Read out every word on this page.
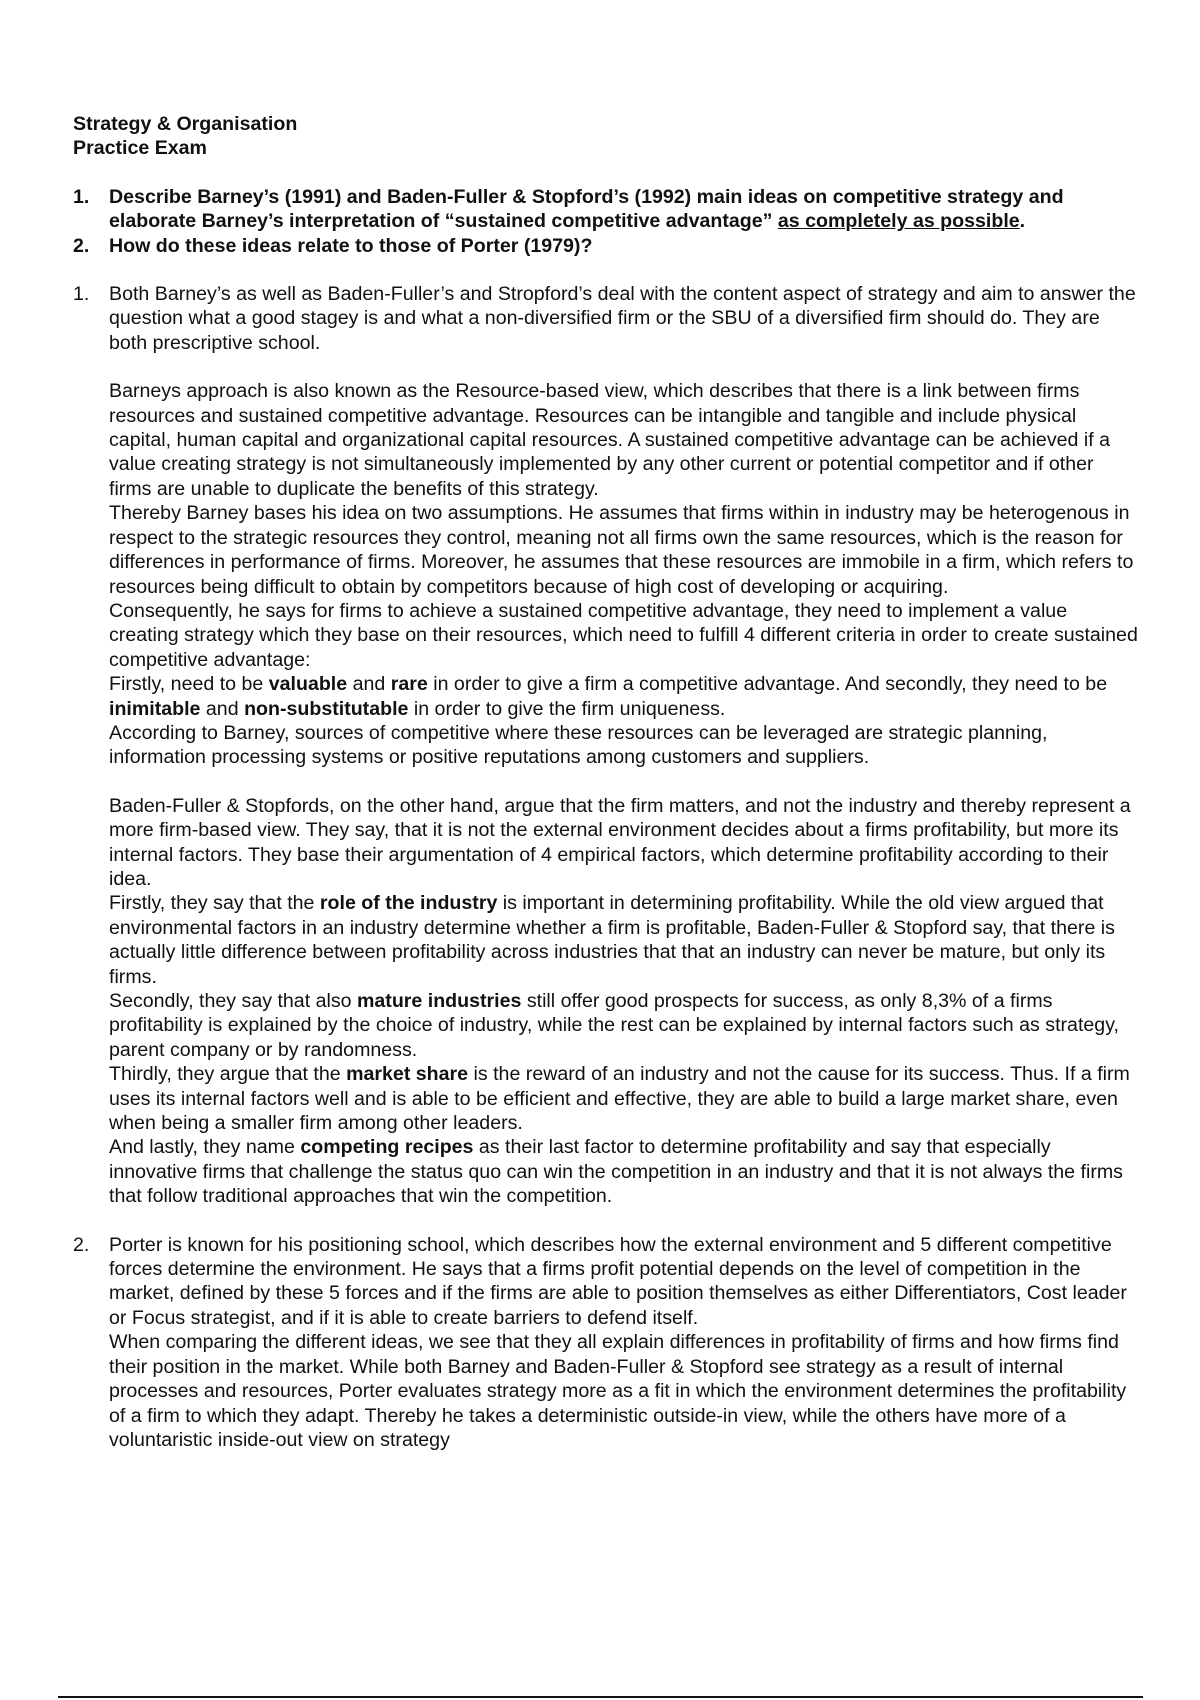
Strategy & Organisation
Practice Exam
1.	Describe Barney’s (1991) and Baden-Fuller & Stopford’s (1992) main ideas on competitive strategy and elaborate Barney’s interpretation of “sustained competitive advantage” as completely as possible.
2.	How do these ideas relate to those of Porter (1979)?
1.	Both Barney’s as well as Baden-Fuller’s and Stropford’s deal with the content aspect of strategy and aim to answer the question what a good stagey is and what a non-diversified firm or the SBU of a diversified firm should do. They are both prescriptive school.

Barneys approach is also known as the Resource-based view, which describes that there is a link between firms resources and sustained competitive advantage. Resources can be intangible and tangible and include physical capital, human capital and organizational capital resources. A sustained competitive advantage can be achieved if a value creating strategy is not simultaneously implemented by any other current or potential competitor and if other firms are unable to duplicate the benefits of this strategy.

Thereby Barney bases his idea on two assumptions. He assumes that firms within in industry may be heterogenous in respect to the strategic resources they control, meaning not all firms own the same resources, which is the reason for differences in performance of firms. Moreover, he assumes that these resources are immobile in a firm, which refers to resources being difficult to obtain by competitors because of high cost of developing or acquiring.

Consequently, he says for firms to achieve a sustained competitive advantage, they need to implement a value creating strategy which they base on their resources, which need to fulfill 4 different criteria in order to create sustained competitive advantage:

Firstly, need to be valuable and rare in order to give a firm a competitive advantage. And secondly, they need to be inimitable and non-substitutable in order to give the firm uniqueness.

According to Barney, sources of competitive where these resources can be leveraged are strategic planning, information processing systems or positive reputations among customers and suppliers.

Baden-Fuller & Stopfords, on the other hand, argue that the firm matters, and not the industry and thereby represent a more firm-based view. They say, that it is not the external environment decides about a firms profitability, but more its internal factors. They base their argumentation of 4 empirical factors, which determine profitability according to their idea.

Firstly, they say that the role of the industry is important in determining profitability. While the old view argued that environmental factors in an industry determine whether a firm is profitable, Baden-Fuller & Stopford say, that there is actually little difference between profitability across industries that that an industry can never be mature, but only its firms.

Secondly, they say that also mature industries still offer good prospects for success, as only 8,3% of a firms profitability is explained by the choice of industry, while the rest can be explained by internal factors such as strategy, parent company or by randomness.

Thirdly, they argue that the market share is the reward of an industry and not the cause for its success. Thus. If a firm uses its internal factors well and is able to be efficient and effective, they are able to build a large market share, even when being a smaller firm among other leaders.

And lastly, they name competing recipes as their last factor to determine profitability and say that especially innovative firms that challenge the status quo can win the competition in an industry and that it is not always the firms that follow traditional approaches that win the competition.

2.	Porter is known for his positioning school, which describes how the external environment and 5 different competitive forces determine the environment. He says that a firms profit potential depends on the level of competition in the market, defined by these 5 forces and if the firms are able to position themselves as either Differentiators, Cost leader or Focus strategist, and if it is able to create barriers to defend itself.

When comparing the different ideas, we see that they all explain differences in profitability of firms and how firms find their position in the market. While both Barney and Baden-Fuller & Stopford see strategy as a result of internal processes and resources, Porter evaluates strategy more as a fit in which the environment determines the profitability of a firm to which they adapt. Thereby he takes a deterministic outside-in view, while the others have more of a voluntaristic inside-out view on strategy
